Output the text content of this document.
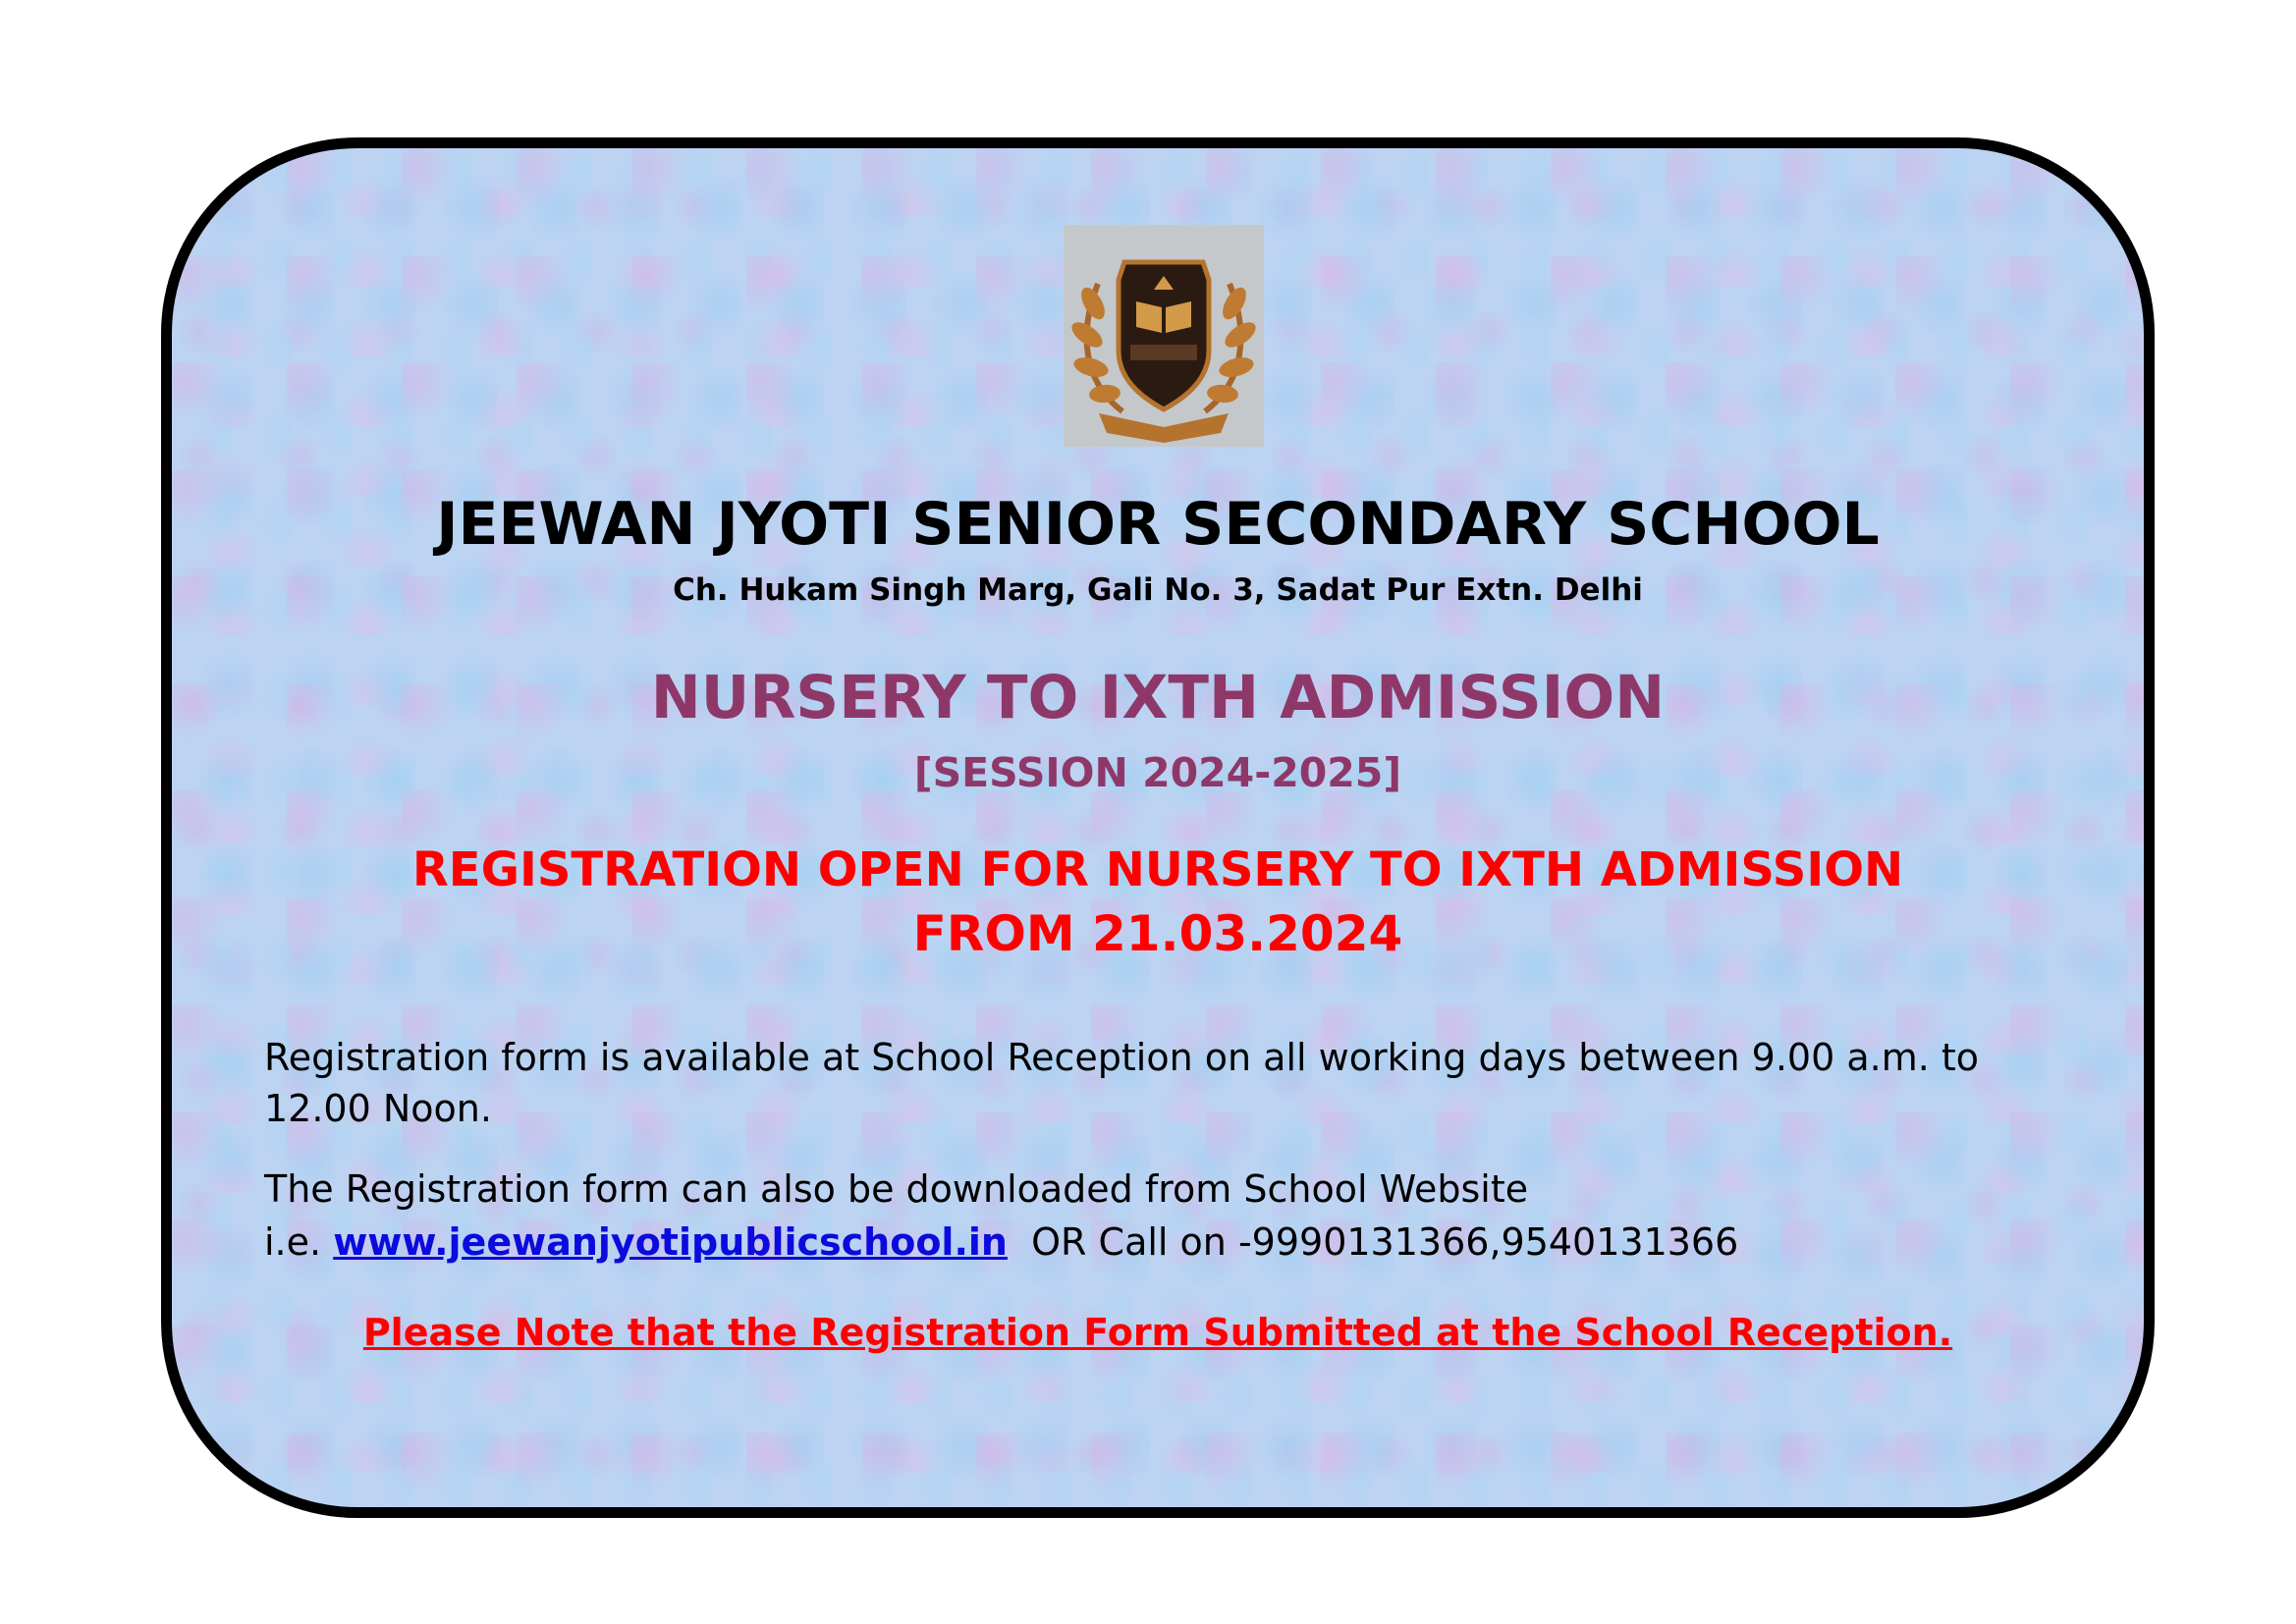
JEEWAN JYOTI SENIOR SECONDARY SCHOOL

Ch. Hukam Singh Marg, Gali No. 3, Sadat Pur Extn. Delhi

NURSERY TO IXTH ADMISSION

[SESSION 2024-2025]

REGISTRATION OPEN FOR NURSERY TO IXTH ADMISSION

FROM 21.03.2024

Registration form is available at School Reception on all working days between 9.00 a.m. to
12.00 Noon.

The Registration form can also be downloaded from School Website

i.e. www.jeewanjyotipublicschool.in OR Call on -9990131366,9540131366

Please Note that the Registration Form Submitted at the School Reception.
